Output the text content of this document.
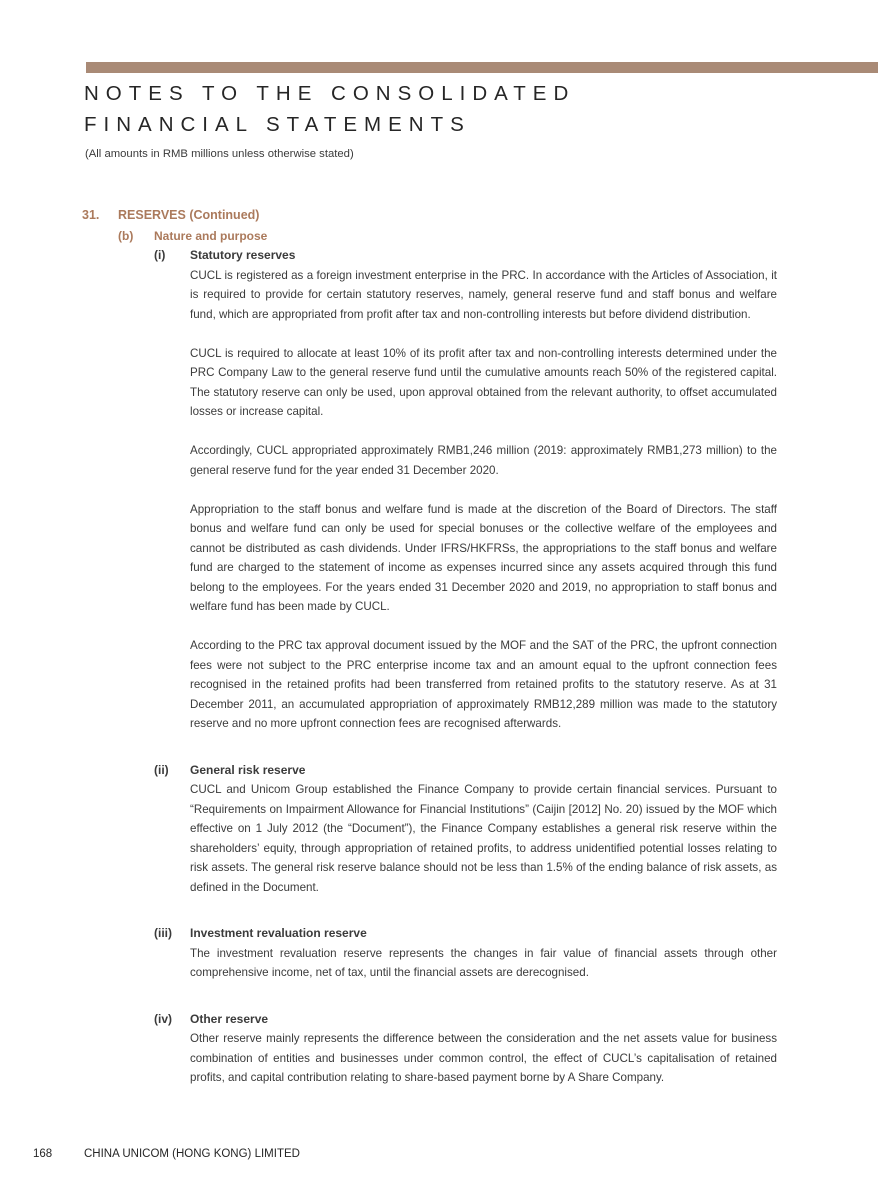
NOTES TO THE CONSOLIDATED
FINANCIAL STATEMENTS
(All amounts in RMB millions unless otherwise stated)
31.	RESERVES (Continued)
(b)	Nature and purpose
(i)	Statutory reserves

CUCL is registered as a foreign investment enterprise in the PRC. In accordance with the Articles of Association, it is required to provide for certain statutory reserves, namely, general reserve fund and staff bonus and welfare fund, which are appropriated from profit after tax and non-controlling interests but before dividend distribution.

CUCL is required to allocate at least 10% of its profit after tax and non-controlling interests determined under the PRC Company Law to the general reserve fund until the cumulative amounts reach 50% of the registered capital. The statutory reserve can only be used, upon approval obtained from the relevant authority, to offset accumulated losses or increase capital.

Accordingly, CUCL appropriated approximately RMB1,246 million (2019: approximately RMB1,273 million) to the general reserve fund for the year ended 31 December 2020.

Appropriation to the staff bonus and welfare fund is made at the discretion of the Board of Directors. The staff bonus and welfare fund can only be used for special bonuses or the collective welfare of the employees and cannot be distributed as cash dividends. Under IFRS/HKFRSs, the appropriations to the staff bonus and welfare fund are charged to the statement of income as expenses incurred since any assets acquired through this fund belong to the employees. For the years ended 31 December 2020 and 2019, no appropriation to staff bonus and welfare fund has been made by CUCL.

According to the PRC tax approval document issued by the MOF and the SAT of the PRC, the upfront connection fees were not subject to the PRC enterprise income tax and an amount equal to the upfront connection fees recognised in the retained profits had been transferred from retained profits to the statutory reserve. As at 31 December 2011, an accumulated appropriation of approximately RMB12,289 million was made to the statutory reserve and no more upfront connection fees are recognised afterwards.

(ii)	General risk reserve

CUCL and Unicom Group established the Finance Company to provide certain financial services. Pursuant to “Requirements on Impairment Allowance for Financial Institutions” (Caijin [2012] No. 20) issued by the MOF which effective on 1 July 2012 (the “Document”), the Finance Company establishes a general risk reserve within the shareholders’ equity, through appropriation of retained profits, to address unidentified potential losses relating to risk assets. The general risk reserve balance should not be less than 1.5% of the ending balance of risk assets, as defined in the Document.

(iii)	Investment revaluation reserve

The investment revaluation reserve represents the changes in fair value of financial assets through other comprehensive income, net of tax, until the financial assets are derecognised.

(iv)	Other reserve

Other reserve mainly represents the difference between the consideration and the net assets value for business combination of entities and businesses under common control, the effect of CUCL’s capitalisation of retained profits, and capital contribution relating to share-based payment borne by A Share Company.

168	CHINA UNICOM (HONG KONG) LIMITED
